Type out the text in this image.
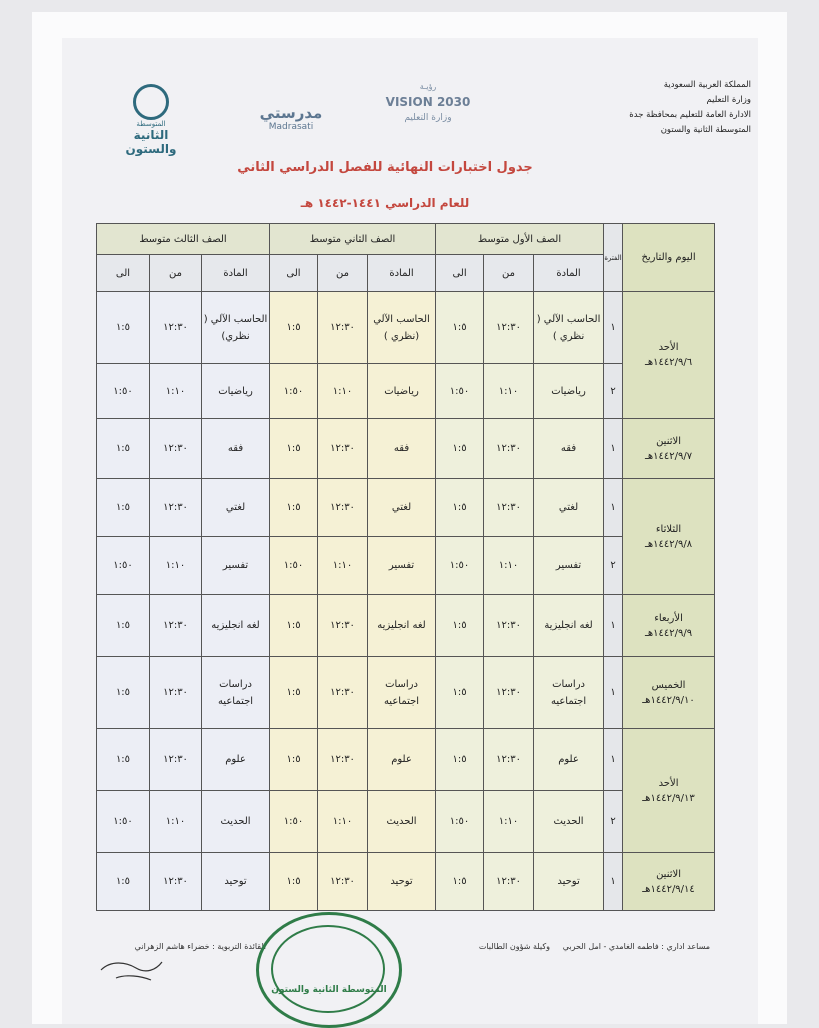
المملكة العربية السعودية
وزارة التعليم
الادارة العامة للتعليم بمحافظة جدة
المتوسطة الثانية والستون
رؤيـة
VISION 2030
وزارة التعليم
مدرستي
Madrasati
المتوسطة
الثانية والستون
جدول اختبارات النهائية للفصل الدراسي الثاني
للعام الدراسي ١٤٤١-١٤٤٢ هـ
اليوم والتاريخ	الفترة	الصف الأول متوسط			الصف الثاني متوسط			الصف الثالث متوسط		
		المادة	من	الى	المادة	من	الى	المادة	من	الى

الأحد
١٤٤٢/٩/٦هـ	١	الحاسب الآلي ( نظري )	١٢:٣٠	١:٥	الحاسب الآلي (نظري )	١٢:٣٠	١:٥	الحاسب الآلي ( نظري)	١٢:٣٠	١:٥
	٢	رياضيات	١:١٠	١:٥٠	رياضيات	١:١٠	١:٥٠	رياضيات	١:١٠	١:٥٠

الاثنين
١٤٤٢/٩/٧هـ	١	فقه	١٢:٣٠	١:٥	فقه	١٢:٣٠	١:٥	فقه	١٢:٣٠	١:٥

الثلاثاء
١٤٤٢/٩/٨هـ	١	لغتي	١٢:٣٠	١:٥	لغتي	١٢:٣٠	١:٥	لغتي	١٢:٣٠	١:٥
	٢	تفسير	١:١٠	١:٥٠	تفسير	١:١٠	١:٥٠	تفسير	١:١٠	١:٥٠

الأربعاء
١٤٤٢/٩/٩هـ	١	لغه انجليزية	١٢:٣٠	١:٥	لغه انجليزيه	١٢:٣٠	١:٥	لغه انجليزيه	١٢:٣٠	١:٥

الخميس
١٤٤٢/٩/١٠هـ	١	دراسات اجتماعيه	١٢:٣٠	١:٥	دراسات اجتماعيه	١٢:٣٠	١:٥	دراسات اجتماعيه	١٢:٣٠	١:٥

الأحد
١٤٤٢/٩/١٣هـ	١	علوم	١٢:٣٠	١:٥	علوم	١٢:٣٠	١:٥	علوم	١٢:٣٠	١:٥
	٢	الحديث	١:١٠	١:٥٠	الحديث	١:١٠	١:٥٠	الحديث	١:١٠	١:٥٠

الاثنين
١٤٤٢/٩/١٤هـ	١	توحيد	١٢:٣٠	١:٥	توحيد	١٢:٣٠	١:٥	توحيد	١٢:٣٠	١:٥
مساعد اداري : فاطمه الغامدي - امل الحربي
وكيلة شؤون الطالبات
القائدة التربوية : خضراء هاشم الزهراني
المتوسطة الثانية والستون
